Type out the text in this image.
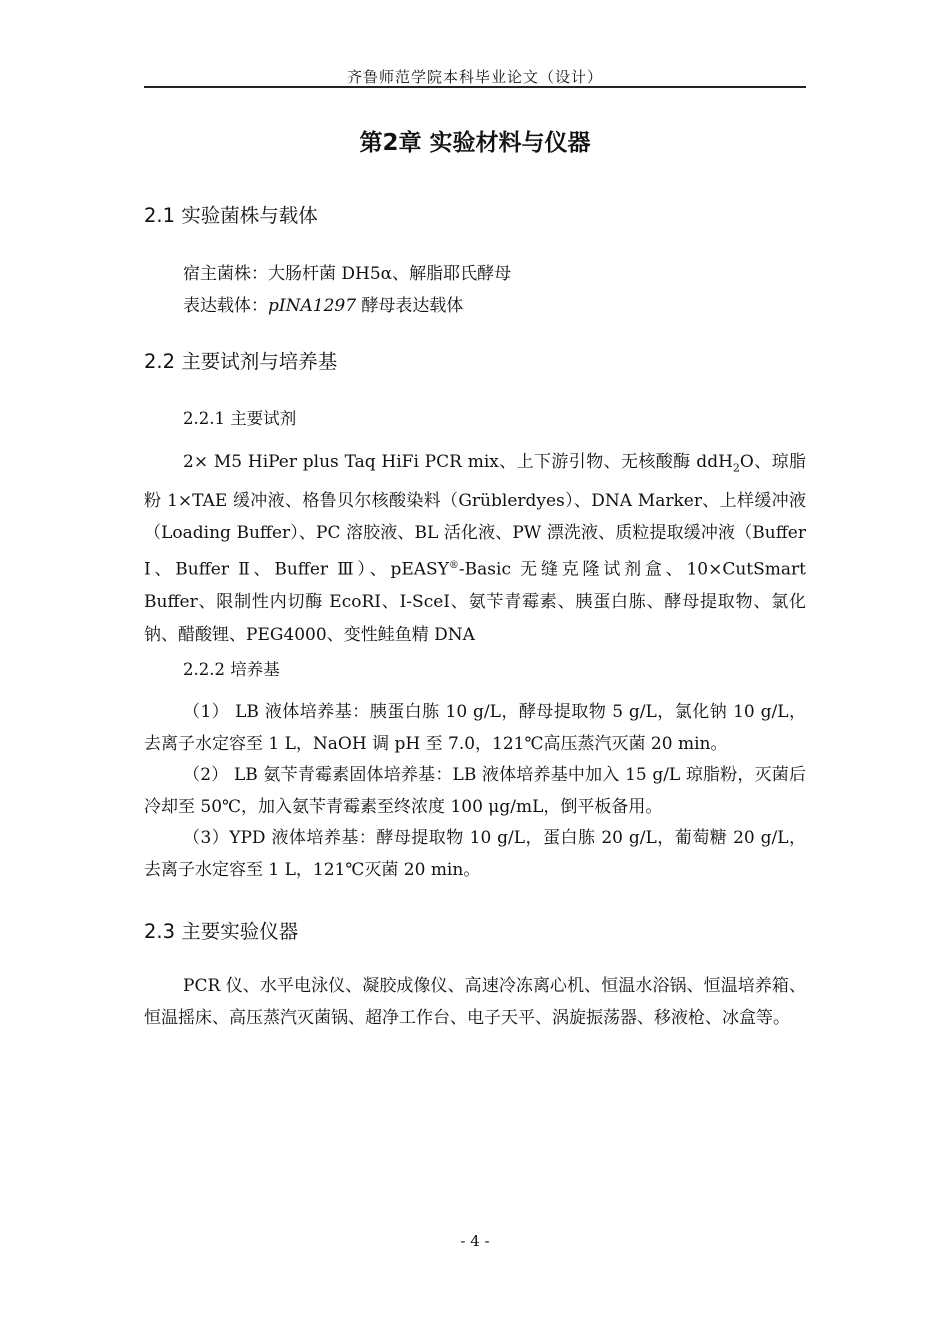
齐鲁师范学院本科毕业论文（设计）
第2章 实验材料与仪器
2.1 实验菌株与载体
宿主菌株：大肠杆菌 DH5α、解脂耶氏酵母
表达载体：pINA1297 酵母表达载体
2.2 主要试剂与培养基
2.2.1 主要试剂

2× M5 HiPer plus Taq HiFi PCR mix、上下游引物、无核酸酶 ddH$_2$O、琼脂粉 1×TAE 缓冲液、格鲁贝尔核酸染料（Grüblerdyes）、DNA Marker、上样缓冲液（Loading Buffer）、PC 溶胶液、BL 活化液、PW 漂洗液、质粒提取缓冲液（Buffer Ⅰ、Buffer Ⅱ、Buffer Ⅲ）、pEASY®-Basic 无缝克隆试剂盒、10×CutSmart Buffer、限制性内切酶 EcoRI、I-SceI、氨苄青霉素、胰蛋白胨、酵母提取物、氯化钠、醋酸锂、PEG4000、变性鲑鱼精 DNA

2.2.2 培养基

（1） LB 液体培养基：胰蛋白胨 10 g/L，酵母提取物 5 g/L，氯化钠 10 g/L，去离子水定容至 1 L，NaOH 调 pH 至 7.0，121℃高压蒸汽灭菌 20 min。

（2） LB 氨苄青霉素固体培养基：LB 液体培养基中加入 15 g/L 琼脂粉，灭菌后冷却至 50℃，加入氨苄青霉素至终浓度 100 μg/mL，倒平板备用。

（3）YPD 液体培养基：酵母提取物 10 g/L，蛋白胨 20 g/L，葡萄糖 20 g/L，去离子水定容至 1 L，121℃灭菌 20 min。

2.3 主要实验仪器

PCR 仪、水平电泳仪、凝胶成像仪、高速冷冻离心机、恒温水浴锅、恒温培养箱、恒温摇床、高压蒸汽灭菌锅、超净工作台、电子天平、涡旋振荡器、移液枪、冰盒等。

- 4 -
